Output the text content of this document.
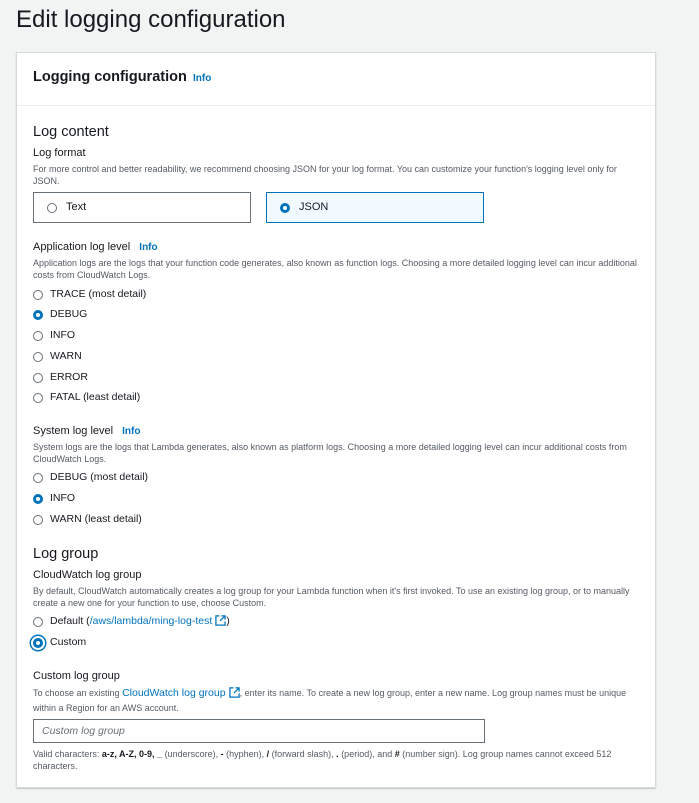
Edit logging configuration
Logging configuration Info
Log content
Log format
For more control and better readability, we recommend choosing JSON for your log format. You can customize your function's logging level only for JSON.
Text	JSON
Application log level Info
Application logs are the logs that your function code generates, also known as function logs. Choosing a more detailed logging level can incur additional costs from CloudWatch Logs.
TRACE (most detail)
DEBUG
INFO
WARN
ERROR
FATAL (least detail)
System log level Info
System logs are the logs that Lambda generates, also known as platform logs. Choosing a more detailed logging level can incur additional costs from CloudWatch Logs.
DEBUG (most detail)
INFO
WARN (least detail)
Log group
CloudWatch log group
By default, CloudWatch automatically creates a log group for your Lambda function when it's first invoked. To use an existing log group, or to manually create a new one for your function to use, choose Custom.
Default (/aws/lambda/ming-log-test )
Custom
Custom log group
To choose an existing CloudWatch log group , enter its name. To create a new log group, enter a new name. Log group names must be unique within a Region for an AWS account.
Custom log group
Valid characters: a-z, A-Z, 0-9, _ (underscore), - (hyphen), / (forward slash), . (period), and # (number sign). Log group names cannot exceed 512 characters.
